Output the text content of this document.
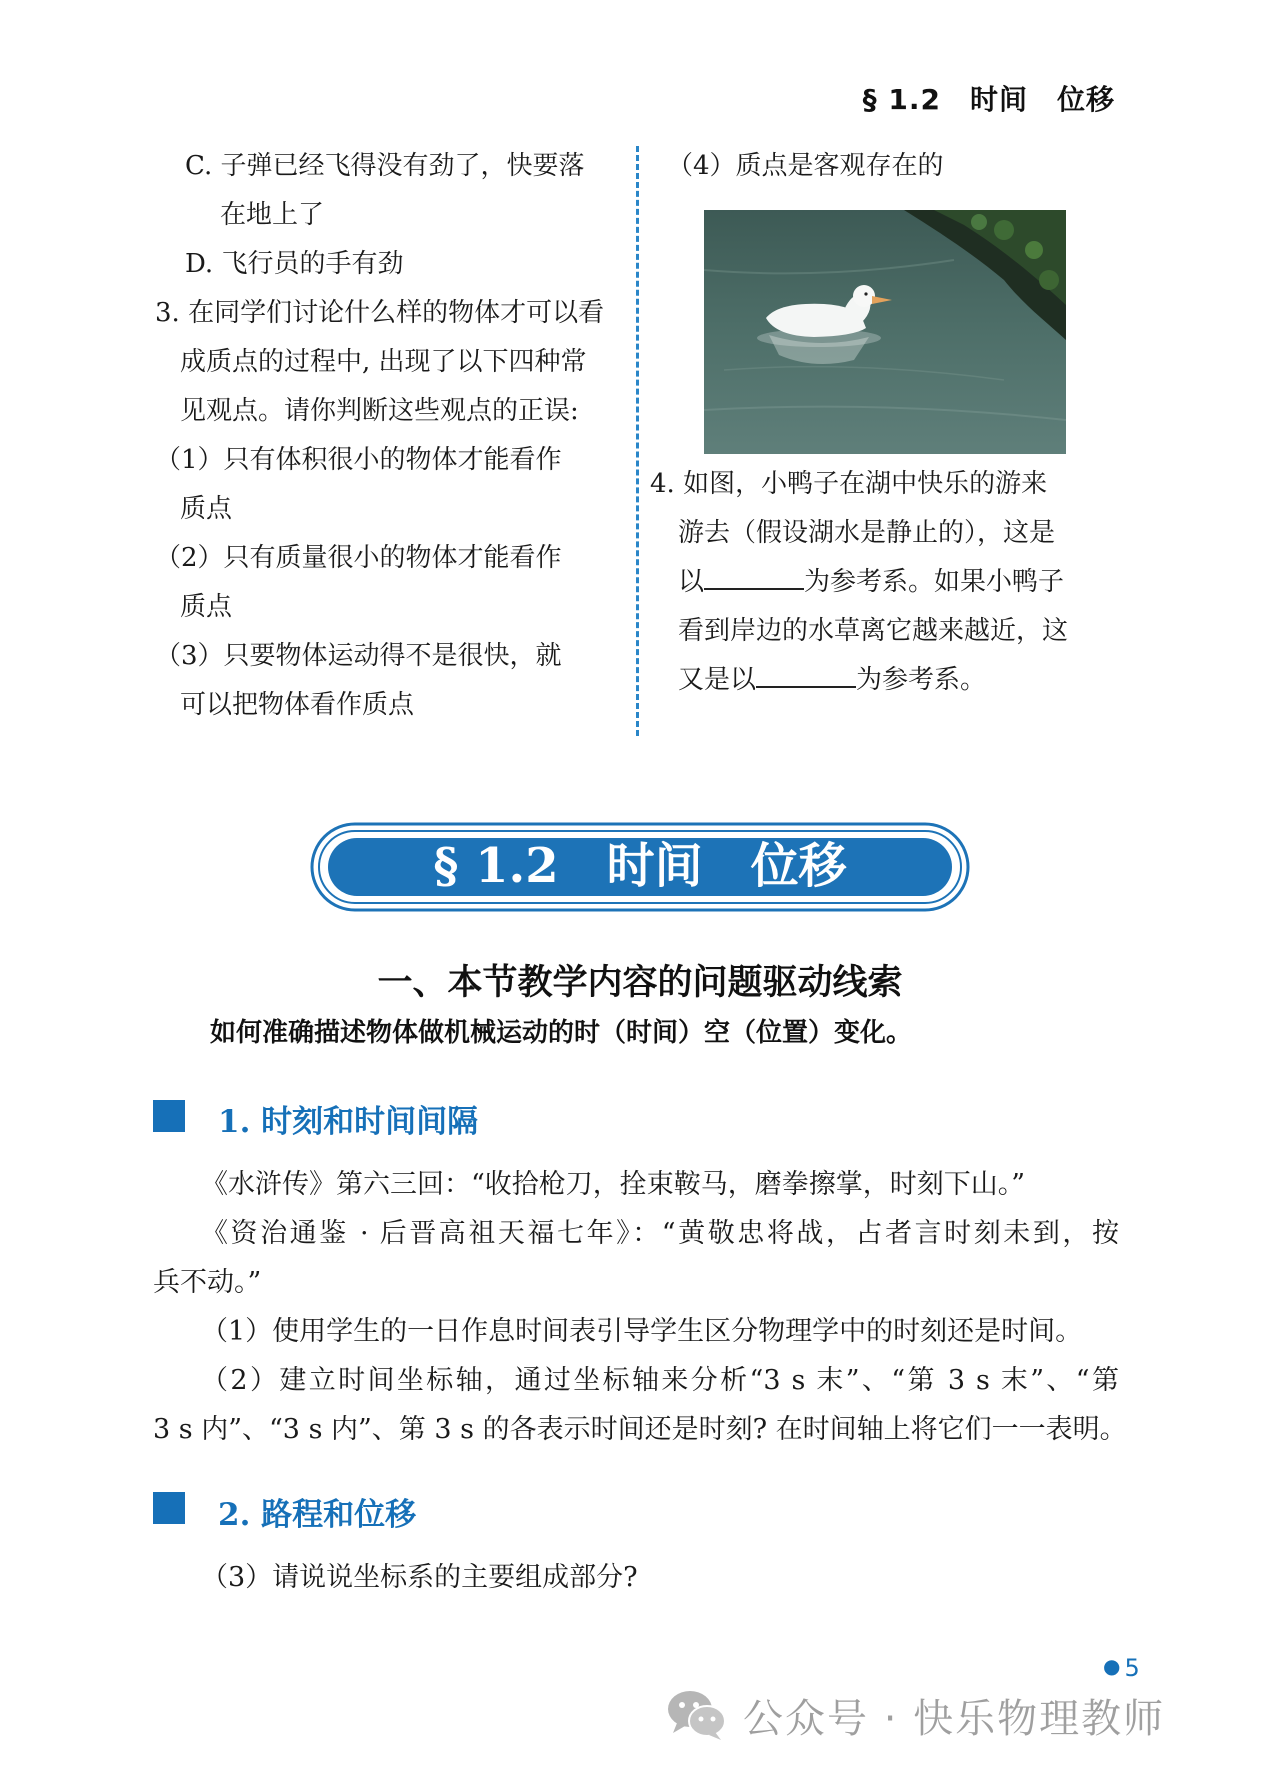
§ 1.2　时间　位移
C. 子弹已经飞得没有劲了，快要落
在地上了
D. 飞行员的手有劲
3. 在同学们讨论什么样的物体才可以看
成质点的过程中, 出现了以下四种常
见观点。请你判断这些观点的正误:
（1）只有体积很小的物体才能看作
质点
（2）只有质量很小的物体才能看作
质点
（3）只要物体运动得不是很快，就
可以把物体看作质点
（4）质点是客观存在的
4. 如图，小鸭子在湖中快乐的游来
游去（假设湖水是静止的），这是
以	为参考系。如果小鸭子
看到岸边的水草离它越来越近，这
又是以	为参考系。
§ 1.2　时间　位移
一、本节教学内容的问题驱动线索
如何准确描述物体做机械运动的时（时间）空（位置）变化。
1. 时刻和时间间隔
《水浒传》第六三回：“收拾枪刀，拴束鞍马，磨拳擦掌，时刻下山。”
《资治通鉴 · 后晋高祖天福七年》：“黄敬忠将战，占者言时刻未到，按
兵不动。”
（1）使用学生的一日作息时间表引导学生区分物理学中的时刻还是时间。
（2）建立时间坐标轴，通过坐标轴来分析“3 s 末”、“第 3 s 末”、“第
3 s 内”、“3 s 内”、第 3 s 的各表示时间还是时刻? 在时间轴上将它们一一表明。
2. 路程和位移
（3）请说说坐标系的主要组成部分?
● 5
公众号 · 快乐物理教师
